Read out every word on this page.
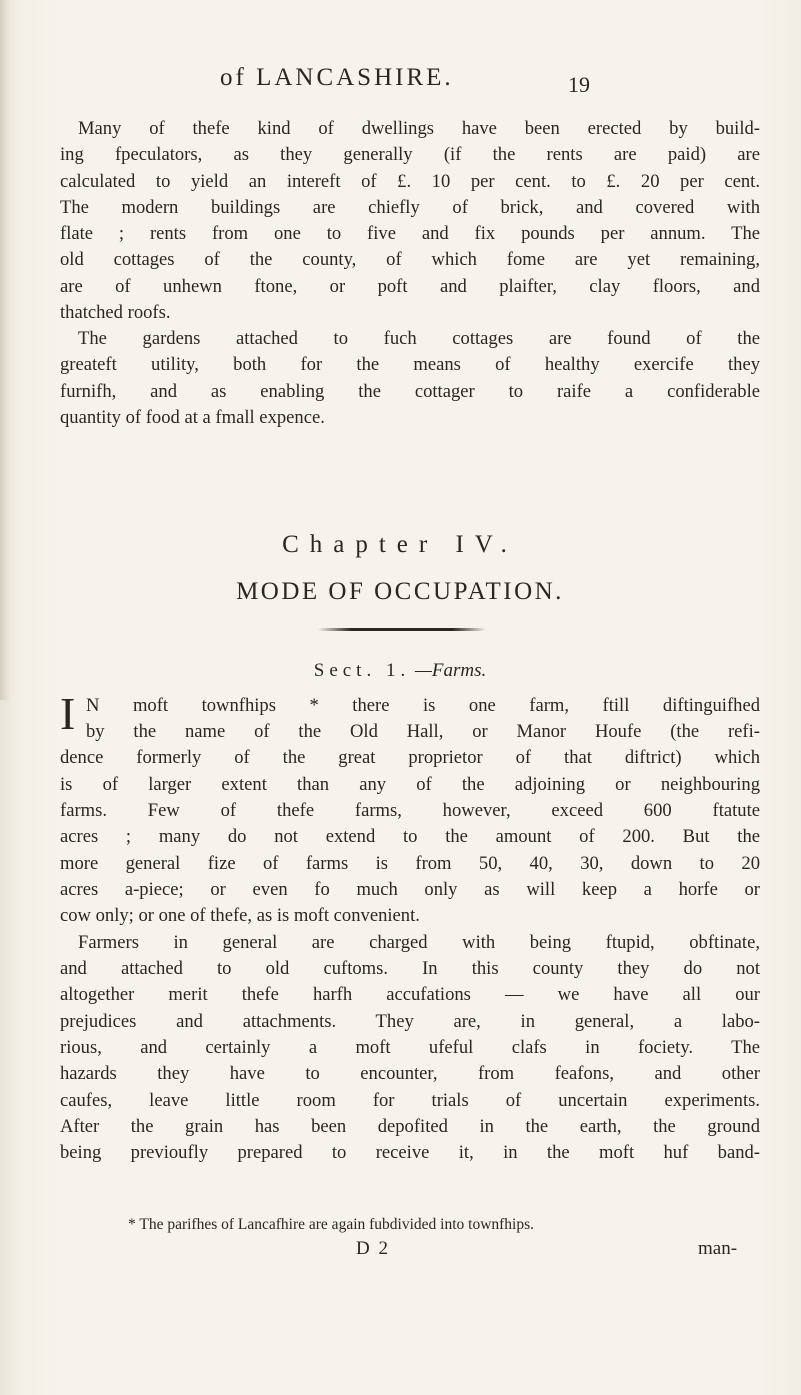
of LANCASHIRE.	19
Many of thefe kind of dwellings have been erected by build-
ing fpeculators, as they generally (if the rents are paid) are
calculated to yield an intereft of £. 10 per cent. to £. 20 per cent.
The modern buildings are chiefly of brick, and covered with
flate ; rents from one to five and fix pounds per annum. The
old cottages of the county, of which fome are yet remaining,
are of unhewn ftone, or poft and plaifter, clay floors, and
thatched roofs.
The gardens attached to fuch cottages are found of the
greateft utility, both for the means of healthy exercife they
furnifh, and as enabling the cottager to raife a confiderable
quantity of food at a fmall expence.
Chapter IV.
MODE OF OCCUPATION.
Sect. 1. —Farms.
I N moft townfhips * there is one farm, ftill diftinguifhed
by the name of the Old Hall, or Manor Houfe (the refi-
dence formerly of the great proprietor of that diftrict) which
is of larger extent than any of the adjoining or neighbouring
farms. Few of thefe farms, however, exceed 600 ftatute
acres ; many do not extend to the amount of 200. But the
more general fize of farms is from 50, 40, 30, down to 20
acres a-piece; or even fo much only as will keep a horfe or
cow only; or one of thefe, as is moft convenient.
Farmers in general are charged with being ftupid, obftinate,
and attached to old cuftoms. In this county they do not
altogether merit thefe harfh accufations — we have all our
prejudices and attachments. They are, in general, a labo-
rious, and certainly a moft ufeful clafs in fociety. The
hazards they have to encounter, from feafons, and other
caufes, leave little room for trials of uncertain experiments.
After the grain has been depofited in the earth, the ground
being previoufly prepared to receive it, in the moft huf band-
* The parifhes of Lancafhire are again fubdivided into townfhips.
D 2	man-
